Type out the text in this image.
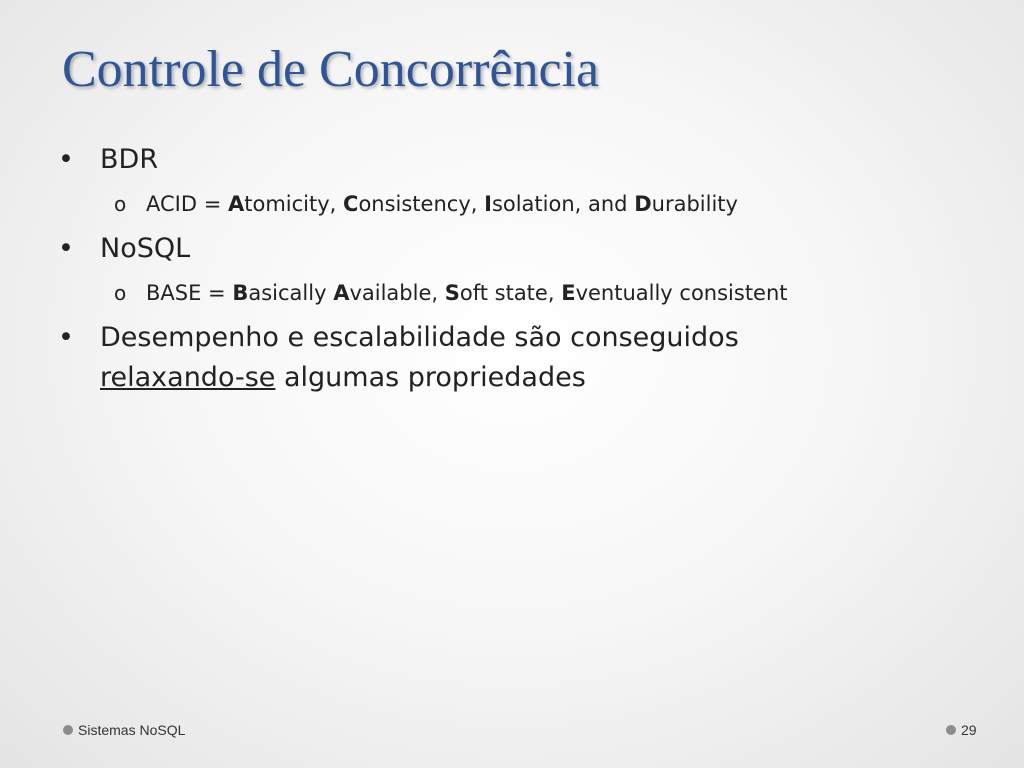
Controle de Concorrência
• BDR
o ACID = Atomicity, Consistency, Isolation, and Durability
• NoSQL
o BASE = Basically Available, Soft state, Eventually consistent
• Desempenho e escalabilidade são conseguidos
relaxando-se algumas propriedades
Sistemas NoSQL	29
